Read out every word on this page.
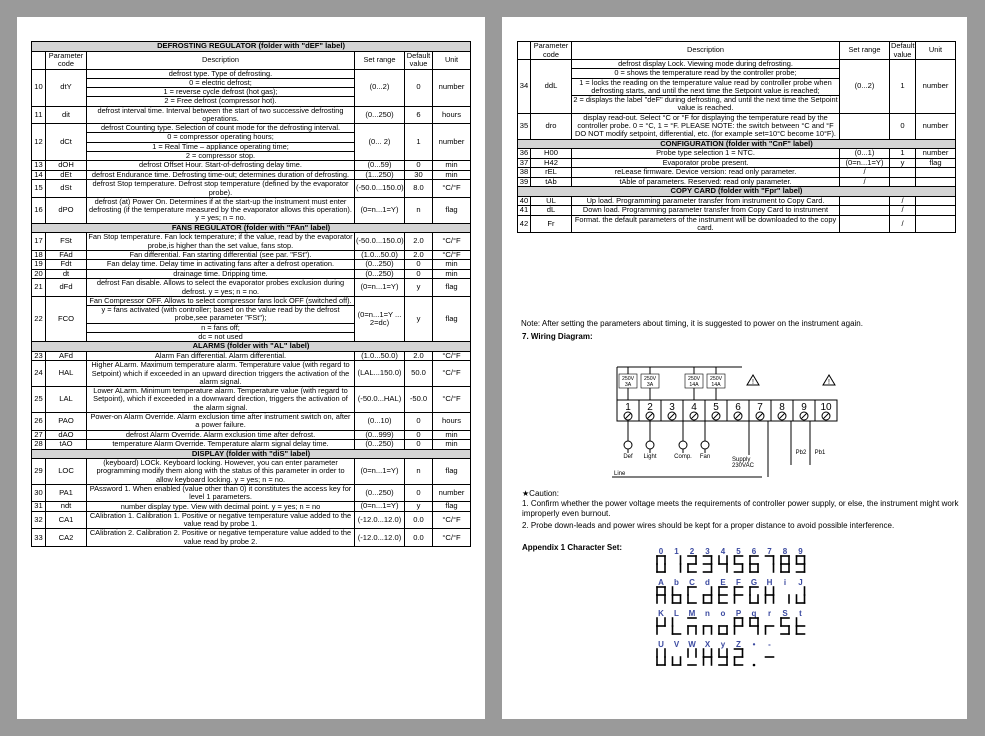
DEFROSTING REGULATOR (folder with "dEF" label)					
	Parameter code	Description	Set range	Default value	Unit
10	dtY	defrost type. Type of defrosting.	(0...2)	0	number
		0 = electric defrost;			
		1 = reverse cycle defrost (hot gas);			
		2 = Free defrost (compressor hot).			
11	dit	defrost interval time. Interval between the start of two successive defrosting operations.	(0...250)	6	hours
12	dCt	defrost Counting type. Selection of count mode for the defrosting interval.	(0... 2)	1	number
		0 = compressor operating hours;			
		1 = Real Time – appliance operating time;			
		2 = compressor stop.			
13	dOH	defrost Offset Hour. Start-of-defrosting delay time.	(0...59)	0	min
14	dEt	defrost Endurance time. Defrosting time-out; determines duration of defrosting.	(1...250)	30	min
15	dSt	defrost Stop temperature. Defrost stop temperature (defined by the evaporator probe).	(-50.0...150.0)	8.0	°C/°F
16	dPO	defrost (at) Power On. Determines if at the start-up the instrument must enter defrosting (if the temperature measured by the evaporator allows this operation). y = yes; n = no.	(0=n...1=Y)	n	flag
FANS REGULATOR (folder with "FAn" label)					
17	FSt	Fan Stop temperature. Fan lock temperature; if the value, read by the evaporator probe,is higher than the set value, fans stop.	(-50.0...150.0)	2.0	°C/°F
18	FAd	Fan differential. Fan starting differential (see par. "FSt").	(1.0...50.0)	2.0	°C/°F
19	Fdt	Fan delay time. Delay time in activating fans after a defrost operation.	(0...250)	0	min
20	dt	drainage time. Dripping time.	(0...250)	0	min
21	dFd	defrost Fan disable. Allows to select the evaporator probes exclusion during defrost. y = yes; n = no.	(0=n...1=Y)	y	flag
22	FCO	Fan Compressor OFF. Allows to select compressor fans lock OFF (switched off).	(0=n...1=Y ... 2=dc)	y	flag
		y = fans activated (with controller; based on the value read by the defrost probe,see parameter "FSt");			
		n = fans off;			
		dc = not used			
ALARMS (folder with "AL" label)					
23	AFd	Alarm Fan differential. Alarm differential.	(1.0...50.0)	2.0	°C/°F
24	HAL	Higher ALarm. Maximum temperature alarm. Temperature value (with regard to Setpoint) which if exceeded in an upward direction triggers the activation of the alarm signal.	(LAL...150.0)	50.0	°C/°F
25	LAL	Lower ALarm. Minimum temperature alarm. Temperature value (with regard to Setpoint), which if exceeded in a downward direction, triggers the activation of the alarm signal.	(-50.0...HAL)	-50.0	°C/°F
26	PAO	Power-on Alarm Override. Alarm exclusion time after instrument switch on, after a power failure.	(0...10)	0	hours
27	dAO	defrost Alarm Override. Alarm exclusion time after defrost.	(0...999)	0	min
28	tAO	temperature Alarm Override. Temperature alarm signal delay time.	(0...250)	0	min
DISPLAY (folder with "diS" label)					
29	LOC	(keyboard) LOCk. Keyboard locking. However, you can enter parameter programming modify them along with the status of this parameter in order to allow keyboard locking. y = yes; n = no.	(0=n...1=Y)	n	flag
30	PA1	PAssword 1. When enabled (value other than 0) it constitutes the access key for level 1 parameters.	(0...250)	0	number
31	ndt	number display type. View with decimal point. y = yes; n = no	(0=n...1=Y)	y	flag
32	CA1	CAlibration 1. Calibration 1. Positive or negative temperature value added to the value read by probe 1.	(-12.0...12.0)	0.0	°C/°F
33	CA2	CAlibration 2. Calibration 2. Positive or negative temperature value added to the value read by probe 2.	(-12.0...12.0)	0.0	°C/°F
	Parameter code	Description	Set range	Default value	Unit
34	ddL	defrost display Lock. Viewing mode during defrosting.	(0...2)	1	number
		0 = shows the temperature read by the controller probe;			
		1 = locks the reading on the temperature value read by controller probe when defrosting starts, and until the next time the Setpoint value is reached;			
		2 = displays the label "deF" during defrosting, and until the next time the Setpoint value is reached.			
35	dro	display read-out. Select °C or °F for displaying the temperature read by the controller probe. 0 = °C, 1 = °F. PLEASE NOTE: the switch between °C and °F DO NOT modify setpoint, differential, etc. (for example set=10°C become 10°F).		0	number
CONFIGURATION (folder with "CnF" label)					
36	H00	Probe type selection 1 = NTC.	(0...1)	1	number
37	H42	Evaporator probe present.	(0=n...1=Y)	y	flag
38	rEL	reLease firmware. Device version: read only parameter.	/		
39	tAb	tAble of parameters. Reserved: read only parameter.	/		
COPY CARD (folder with "Fpr" label)					
40	UL	Up load. Programming parameter transfer from instrument to Copy Card.		/	
41	dL	Down load. Programming parameter transfer from Copy Card to instrument		/	
42	Fr	Format. the default parameters of the instrument will be downloaded to the copy card.		/	
Note: After setting the parameters about timing, it is suggested to power on the instrument again.
7. Wiring Diagram:
1 2 3 4 5 6 7 8 9 10
250V
3A
250V
3A
250V
14A
250V
14A	!	!
Def Light	Comp. Fan
Line
Supply 230VAC
Pb2 Pb1
★Caution:
1. Confirm whether the power voltage meets the requirements of controller power supply, or else, the instrument might work improperly even burnout.
2. Probe down-leads and power wires should be kept for a proper distance to avoid possible interference.
Appendix 1 Character Set:	0 1 2 3 4 5 6 7 8 9
A b C d E F G H i J
K L M n o P q r S t
U V W X y Z • -
